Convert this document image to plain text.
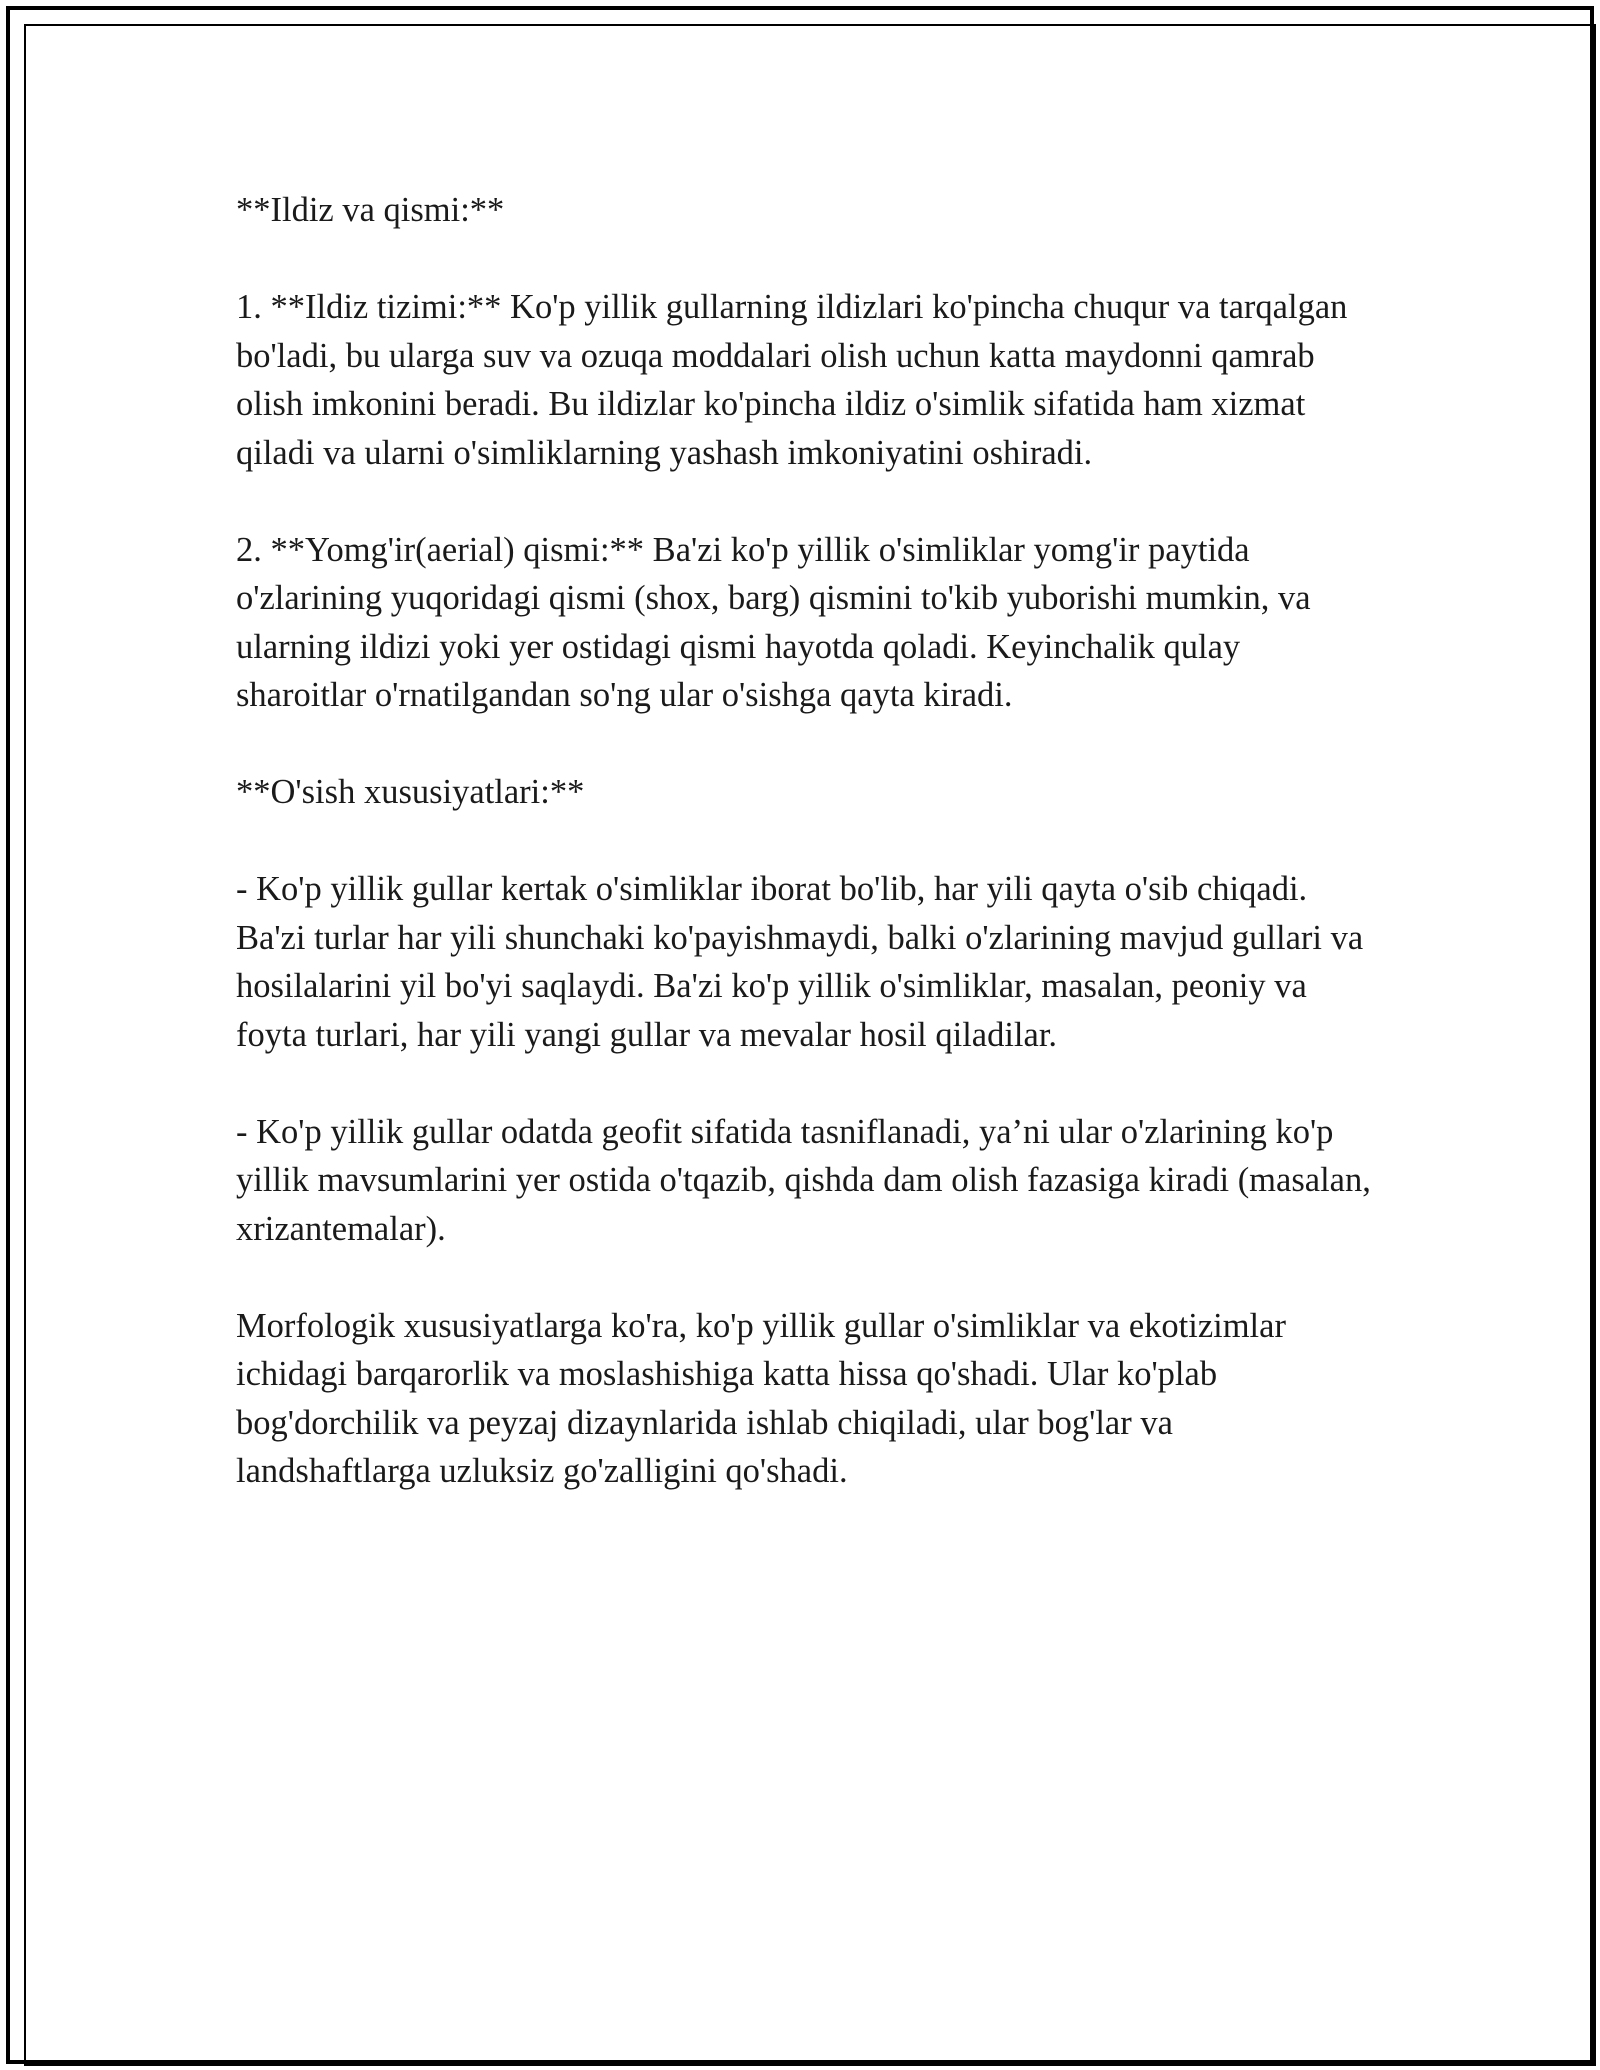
**Ildiz va qismi:**

1. **Ildiz tizimi:** Ko'p yillik gullarning ildizlari ko'pincha chuqur va tarqalgan bo'ladi, bu ularga suv va ozuqa moddalari olish uchun katta maydonni qamrab olish imkonini beradi. Bu ildizlar ko'pincha ildiz o'simlik sifatida ham xizmat qiladi va ularni o'simliklarning yashash imkoniyatini oshiradi.

2. **Yomg'ir(aerial) qismi:** Ba'zi ko'p yillik o'simliklar yomg'ir paytida o'zlarining yuqoridagi qismi (shox, barg) qismini to'kib yuborishi mumkin, va ularning ildizi yoki yer ostidagi qismi hayotda qoladi. Keyinchalik qulay sharoitlar o'rnatilgandan so'ng ular o'sishga qayta kiradi.

**O'sish xususiyatlari:**

- Ko'p yillik gullar kertak o'simliklar iborat bo'lib, har yili qayta o'sib chiqadi. Ba'zi turlar har yili shunchaki ko'payishmaydi, balki o'zlarining mavjud gullari va hosilalarini yil bo'yi saqlaydi. Ba'zi ko'p yillik o'simliklar, masalan, peoniy va foyta turlari, har yili yangi gullar va mevalar hosil qiladilar.

- Ko'p yillik gullar odatda geofit sifatida tasniflanadi, ya’ni ular o'zlarining ko'p yillik mavsumlarini yer ostida o'tqazib, qishda dam olish fazasiga kiradi (masalan, xrizantemalar).

Morfologik xususiyatlarga ko'ra, ko'p yillik gullar o'simliklar va ekotizimlar ichidagi barqarorlik va moslashishiga katta hissa qo'shadi. Ular ko'plab bog'dorchilik va peyzaj dizaynlarida ishlab chiqiladi, ular bog'lar va landshaftlarga uzluksiz go'zalligini qo'shadi.
